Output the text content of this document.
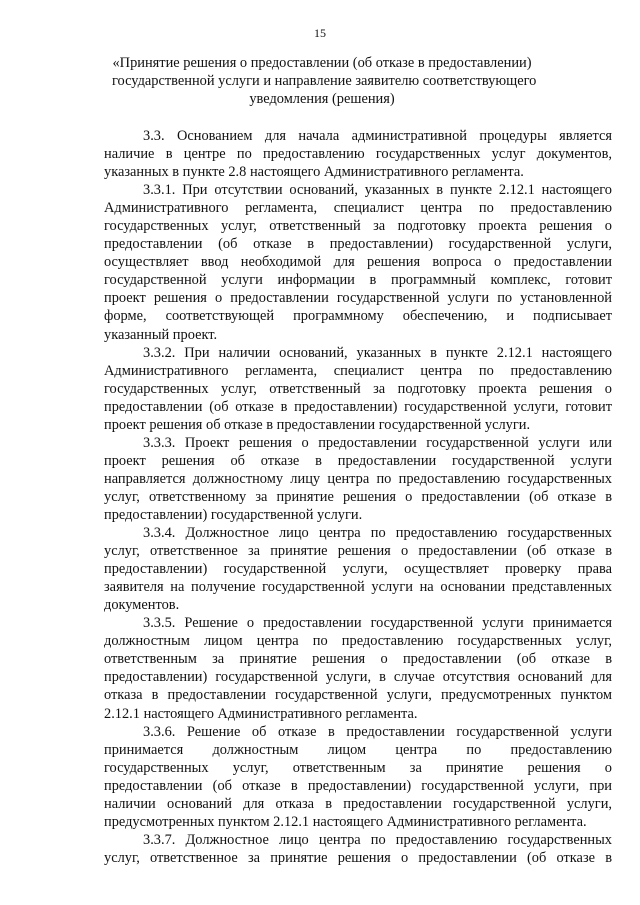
15
«Принятие решения о предоставлении (об отказе в предоставлении)
государственной услуги и направление заявителю соответствующего
уведомления (решения)
3.3. Основанием для начала административной процедуры является
наличие в центре по предоставлению государственных услуг документов,
указанных в пункте 2.8 настоящего Административного регламента.
3.3.1. При отсутствии оснований, указанных в пункте 2.12.1 настоящего
Административного регламента, специалист центра по предоставлению
государственных услуг, ответственный за подготовку проекта решения о
предоставлении (об отказе в предоставлении) государственной услуги,
осуществляет ввод необходимой для решения вопроса о предоставлении
государственной услуги информации в программный комплекс, готовит
проект решения о предоставлении государственной услуги по установленной
форме, соответствующей программному обеспечению, и подписывает
указанный проект.
3.3.2. При наличии оснований, указанных в пункте 2.12.1 настоящего
Административного регламента, специалист центра по предоставлению
государственных услуг, ответственный за подготовку проекта решения о
предоставлении (об отказе в предоставлении) государственной услуги, готовит
проект решения об отказе в предоставлении государственной услуги.
3.3.3. Проект решения о предоставлении государственной услуги или
проект решения об отказе в предоставлении государственной услуги
направляется должностному лицу центра по предоставлению государственных
услуг, ответственному за принятие решения о предоставлении (об отказе в
предоставлении) государственной услуги.
3.3.4. Должностное лицо центра по предоставлению государственных
услуг, ответственное за принятие решения о предоставлении (об отказе в
предоставлении) государственной услуги, осуществляет проверку права
заявителя на получение государственной услуги на основании представленных
документов.
3.3.5. Решение о предоставлении государственной услуги принимается
должностным лицом центра по предоставлению государственных услуг,
ответственным за принятие решения о предоставлении (об отказе в
предоставлении) государственной услуги, в случае отсутствия оснований для
отказа в предоставлении государственной услуги, предусмотренных пунктом
2.12.1 настоящего Административного регламента.
3.3.6. Решение об отказе в предоставлении государственной услуги
принимается должностным лицом центра по предоставлению
государственных услуг, ответственным за принятие решения о
предоставлении (об отказе в предоставлении) государственной услуги, при
наличии оснований для отказа в предоставлении государственной услуги,
предусмотренных пунктом 2.12.1 настоящего Административного регламента.
3.3.7. Должностное лицо центра по предоставлению государственных
услуг, ответственное за принятие решения о предоставлении (об отказе в
